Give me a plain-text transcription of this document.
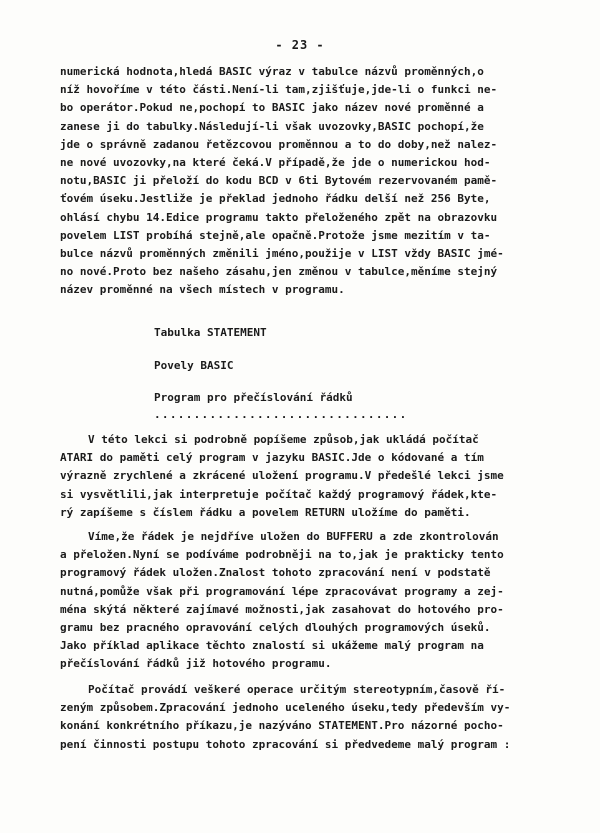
- 23 -
numerická hodnota,hledá BASIC výraz v tabulce názvů proměnných,o
níž hovoříme v této části.Není-li tam,zjišťuje,jde-li o funkci ne-
bo operátor.Pokud ne,pochopí to BASIC jako název nové proměnné a
zanese ji do tabulky.Následují-li však uvozovky,BASIC pochopí,že
jde o správně zadanou řetězcovou proměnnou a to do doby,než nalez-
ne nové uvozovky,na které čeká.V případě,že jde o numerickou hod-
notu,BASIC ji přeloží do kodu BCD v 6ti Bytovém rezervovaném pamě-
ťovém úseku.Jestliže je překlad jednoho řádku delší než 256 Byte,
ohlásí chybu 14.Edice programu takto přeloženého zpět na obrazovku
povelem LIST probíhá stejně,ale opačně.Protože jsme mezitím v ta-
bulce názvů proměnných změnili jméno,použije v LIST vždy BASIC jmé-
no nové.Proto bez našeho zásahu,jen změnou v tabulce,měníme stejný
název proměnné na všech místech v programu.
Tabulka STATEMENT
Povely BASIC
Program pro přečíslování řádků
................................
V této lekci si podrobně popíšeme způsob,jak ukládá počítač
ATARI do paměti celý program v jazyku BASIC.Jde o kódované a tím
výrazně zrychlené a zkrácené uložení programu.V předešlé lekci jsme
si vysvětlili,jak interpretuje počítač každý programový řádek,kte-
rý zapíšeme s číslem řádku a povelem RETURN uložíme do paměti.
Víme,že řádek je nejdříve uložen do BUFFERU a zde zkontrolován
a přeložen.Nyní se podíváme podrobněji na to,jak je prakticky tento
programový řádek uložen.Znalost tohoto zpracování není v podstatě
nutná,pomůže však při programování lépe zpracovávat programy a zej-
ména skýtá některé zajímavé možnosti,jak zasahovat do hotového pro-
gramu bez pracného opravování celých dlouhých programových úseků.
Jako příklad aplikace těchto znalostí si ukážeme malý program na
přečíslování řádků již hotového programu.
Počítač provádí veškeré operace určitým stereotypním,časově ří-
zeným způsobem.Zpracování jednoho uceleného úseku,tedy především vy-
konání konkrétního příkazu,je nazýváno STATEMENT.Pro názorné pocho-
pení činnosti postupu tohoto zpracování si předvedeme malý program :
